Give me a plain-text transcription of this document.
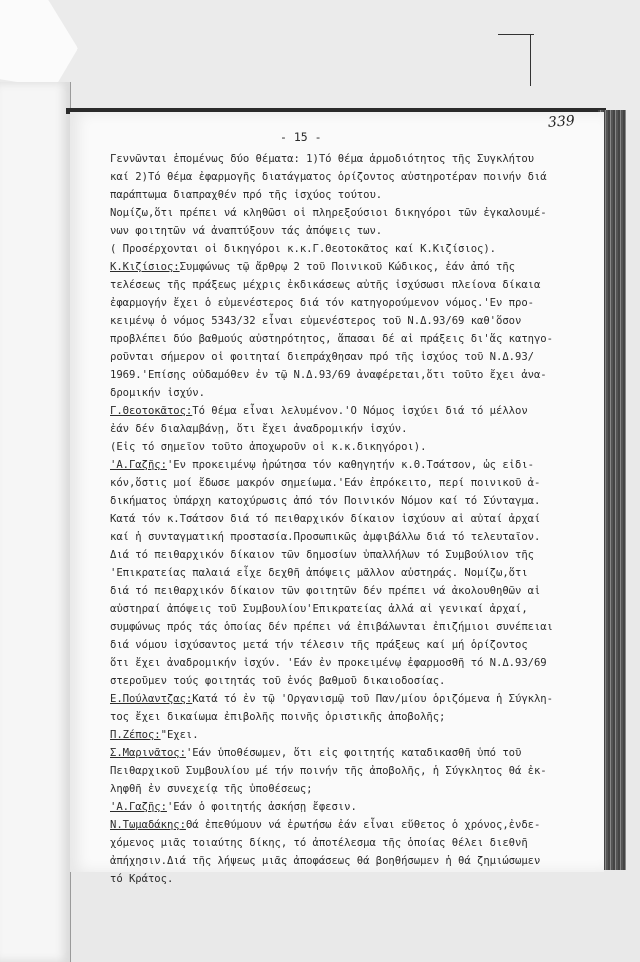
339
- 15 -
Γεννῶνται ἑπομένως δύο θέματα: 1)Τό θέμα ἁρμοδιότητος τῆς Συγκλήτου
καί 2)Τό θέμα ἐφαρμογῆς διατάγματος ὁρίζοντος αὐστηροτέραν ποινήν διά
παράπτωμα διαπραχθέν πρό τῆς ἰσχύος τούτου.
Νομίζω,ὅτι πρέπει νά κληθῶσι οἱ πληρεξούσιοι δικηγόροι τῶν ἐγκαλουμέ-
νων φοιτητῶν νά ἀναπτύξουν τάς ἀπόψεις των.
( Προσέρχονται οἱ δικηγόροι κ.κ.Γ.Θεοτοκᾶτος καί Κ.Κιζίσιος).
Κ.Κιζίσιος:Συμφώνως τῷ ἄρθρῳ 2 τοῦ Ποινικοῦ Κώδικος, ἐάν ἀπό τῆς
τελέσεως τῆς πράξεως μέχρις ἐκδικάσεως αὐτῆς ἰσχύσωσι πλείονα δίκαια
ἐφαρμογήν ἔχει ὁ εὐμενέστερος διά τόν κατηγορούμενον νόμος.'Εν προ-
κειμένῳ ὁ νόμος 5343/32 εἶναι εὐμενέστερος τοῦ Ν.Δ.93/69 καθ'ὅσον
προβλέπει δύο βαθμούς αὐστηρότητος, ἅπασαι δέ αἱ πράξεις δι'ἅς κατηγο-
ροῦνται σήμερον οἱ φοιτηταί διεπράχθησαν πρό τῆς ἰσχύος τοῦ Ν.Δ.93/
1969.'Επίσης οὐδαμόθεν ἐν τῷ Ν.Δ.93/69 ἀναφέρεται,ὅτι τοῦτο ἔχει ἀνα-
δρομικήν ἰσχύν.
Γ.Θεοτοκᾶτος:Τό θέμα εἶναι λελυμένον.'Ο Νόμος ἰσχύει διά τό μέλλον
ἐάν δέν διαλαμβάνῃ, ὅτι ἔχει ἀναδρομικήν ἰσχύν.
(Εἰς τό σημεῖον τοῦτο ἀποχωροῦν οἱ κ.κ.δικηγόροι).
'Α.Γαζῆς:'Εν προκειμένῳ ἠρώτησα τόν καθηγητήν κ.Θ.Τσάτσον, ὡς εἰδι-
κόν,ὅστις μοί ἔδωσε μακρόν σημείωμα.'Εάν ἐπρόκειτο, περί ποινικοῦ ἀ-
δικήματος ὑπάρχη κατοχύρωσις ἀπό τόν Ποινικόν Νόμον καί τό Σύνταγμα.
Κατά τόν κ.Τσάτσον διά τό πειθαρχικόν δίκαιον ἰσχύουν αἱ αὐταί ἀρχαί
καί ἡ συνταγματική προστασία.Προσωπικῶς ἀμφιβάλλω διά τό τελευταῖον.
Διά τό πειθαρχικόν δίκαιον τῶν δημοσίων ὑπαλλήλων τό Συμβούλιον τῆς
'Επικρατείας παλαιά εἶχε δεχθῆ ἀπόψεις μᾶλλον αὐστηράς. Νομίζω,ὅτι
διά τό πειθαρχικόν δίκαιον τῶν φοιτητῶν δέν πρέπει νά ἀκολουθηθῶν αἱ
αὐστηραί ἀπόψεις τοῦ Συμβουλίου'Επικρατείας ἀλλά αἱ γενικαί ἀρχαί,
συμφώνως πρός τάς ὁποίας δέν πρέπει νά ἐπιβάλωνται ἐπιζήμιοι συνέπειαι
διά νόμου ἰσχύσαντος μετά τήν τέλεσιν τῆς πράξεως καί μή ὁρίζοντος
ὅτι ἔχει ἀναδρομικήν ἰσχύν. 'Εάν ἐν προκειμένῳ ἐφαρμοσθῆ τό Ν.Δ.93/69
στεροῦμεν τούς φοιτητάς τοῦ ἑνός βαθμοῦ δικαιοδοσίας.
Ε.Πούλαντζας:Κατά τό ἐν τῷ 'Οργανισμῷ τοῦ Παν/μίου ὁριζόμενα ἡ Σύγκλη-
τος ἔχει δικαίωμα ἐπιβολῆς ποινῆς ὁριστικῆς ἀποβολῆς;
Π.Ζέπος:"Εχει.
Σ.Μαρινᾶτος:'Εάν ὑποθέσωμεν, ὅτι εἰς φοιτητής καταδικασθῆ ὑπό τοῦ
Πειθαρχικοῦ Συμβουλίου μέ τήν ποινήν τῆς ἀποβολῆς, ἡ Σύγκλητος θά ἐκ-
ληφθῆ ἐν συνεχείᾳ τῆς ὑποθέσεως;
'Α.Γαζῆς:'Εάν ὁ φοιτητής ἀσκήσῃ ἔφεσιν.
Ν.Τωμαδάκης:Θά ἐπεθύμουν νά ἐρωτήσω ἐάν εἶναι εὔθετος ὁ χρόνος,ἐνδε-
χόμενος μιᾶς τοιαύτης δίκης, τό ἀποτέλεσμα τῆς ὁποίας θέλει διεθνῆ
ἀπήχησιν.Διά τῆς λήψεως μιᾶς ἀποφάσεως θά βοηθήσωμεν ἡ θά ζημιώσωμεν
τό Κράτος.
